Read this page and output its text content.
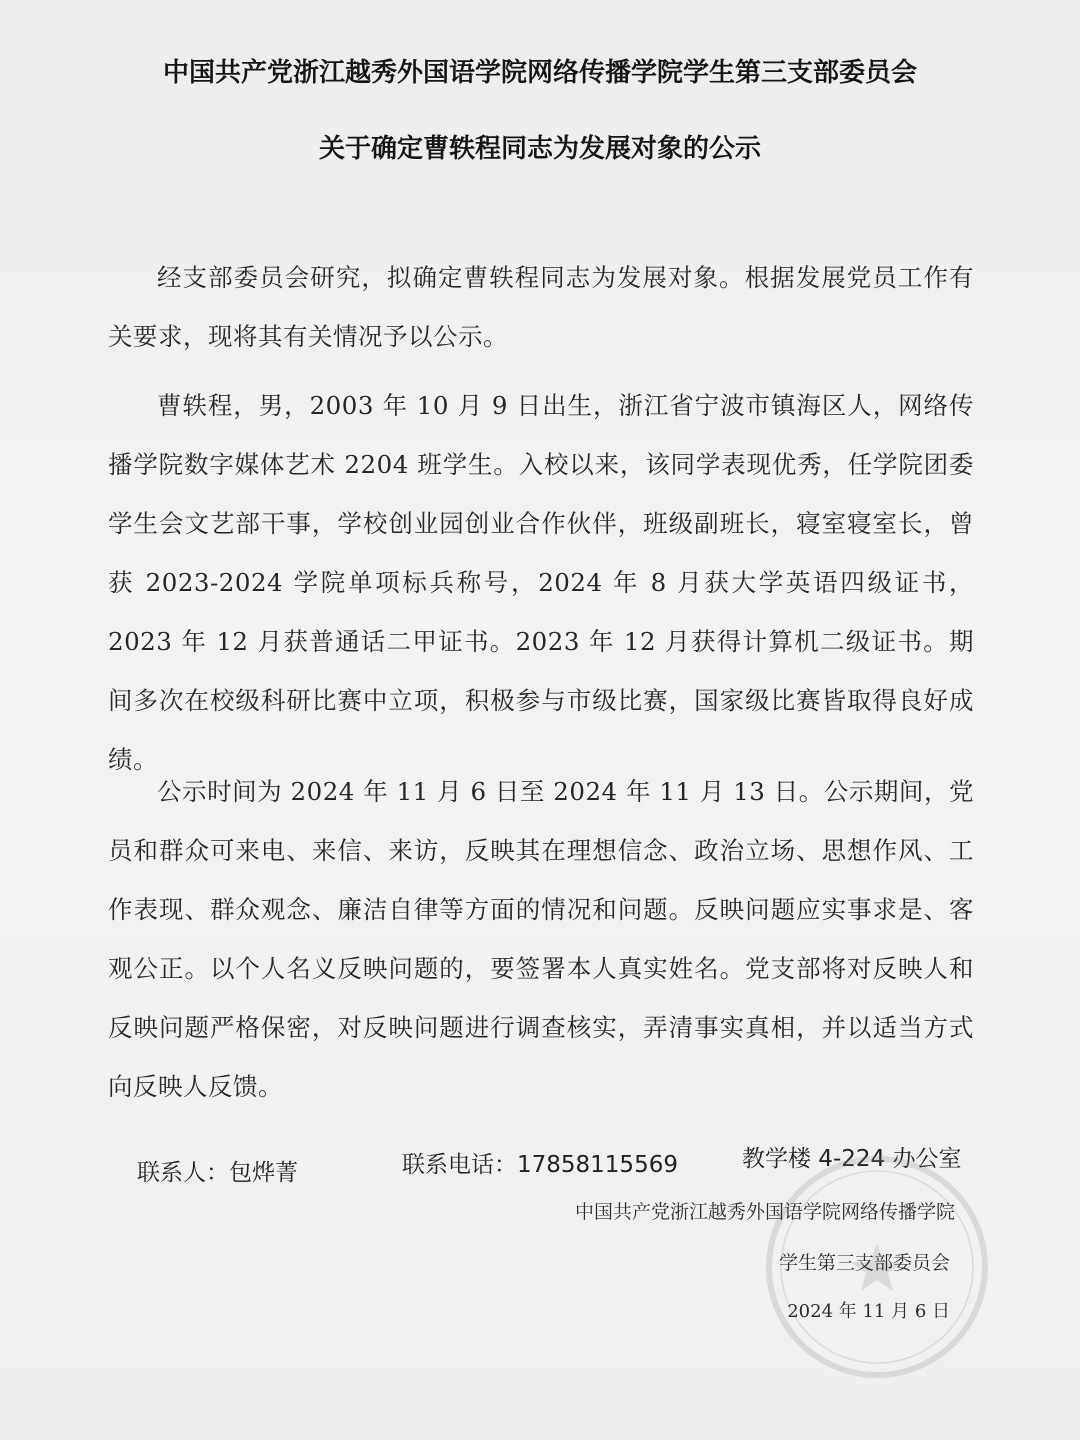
中国共产党浙江越秀外国语学院网络传播学院学生第三支部委员会
关于确定曹轶程同志为发展对象的公示

经支部委员会研究，拟确定曹轶程同志为发展对象。根据发展党员工作有关要求，现将其有关情况予以公示。

曹轶程，男，2003 年 10 月 9 日出生，浙江省宁波市镇海区人，网络传播学院数字媒体艺术 2204 班学生。入校以来，该同学表现优秀，任学院团委学生会文艺部干事，学校创业园创业合作伙伴，班级副班长，寝室寝室长，曾获 2023-2024 学院单项标兵称号，2024 年 8 月获大学英语四级证书，2023 年 12 月获普通话二甲证书。2023 年 12 月获得计算机二级证书。期间多次在校级科研比赛中立项，积极参与市级比赛，国家级比赛皆取得良好成绩。

公示时间为 2024 年 11 月 6 日至 2024 年 11 月 13 日。公示期间，党员和群众可来电、来信、来访，反映其在理想信念、政治立场、思想作风、工作表现、群众观念、廉洁自律等方面的情况和问题。反映问题应实事求是、客观公正。以个人名义反映问题的，要签署本人真实姓名。党支部将对反映人和反映问题严格保密，对反映问题进行调查核实，弄清事实真相，并以适当方式向反映人反馈。

联系人：包烨菁	联系电话：17858115569	教学楼 4-224 办公室
中国共产党浙江越秀外国语学院网络传播学院
学生第三支部委员会
2024 年 11 月 6 日
